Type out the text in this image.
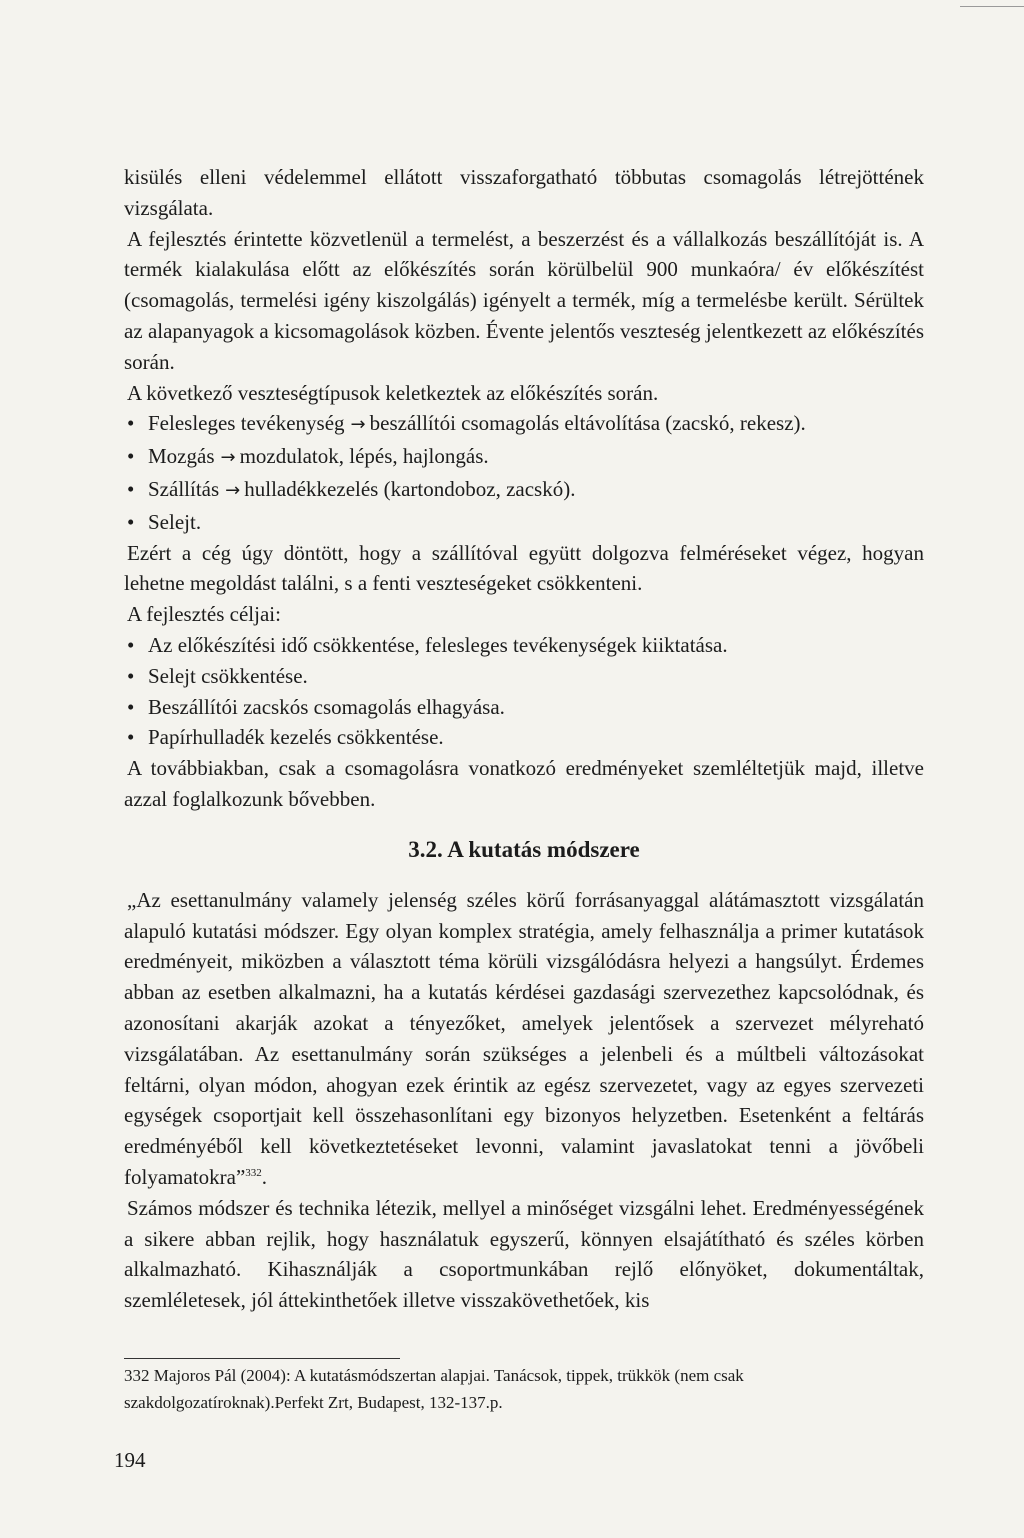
kisülés elleni védelemmel ellátott visszaforgatható többutas csomagolás létrejöttének vizsgálata.

A fejlesztés érintette közvetlenül a termelést, a beszerzést és a vállalkozás beszállítóját is. A termék kialakulása előtt az előkészítés során körülbelül 900 munkaóra/ év előkészítést (csomagolás, termelési igény kiszolgálás) igényelt a termék, míg a termelésbe került. Sérültek az alapanyagok a kicsomagolások közben. Évente jelentős veszteség jelentkezett az előkészítés során.

A következő veszteségtípusok keletkeztek az előkészítés során.

• Felesleges tevékenység → beszállítói csomagolás eltávolítása (zacskó, rekesz).
• Mozgás → mozdulatok, lépés, hajlongás.
• Szállítás → hulladékkezelés (kartondoboz, zacskó).
• Selejt.

Ezért a cég úgy döntött, hogy a szállítóval együtt dolgozva felméréseket végez, hogyan lehetne megoldást találni, s a fenti veszteségeket csökkenteni.

A fejlesztés céljai:

• Az előkészítési idő csökkentése, felesleges tevékenységek kiiktatása.
• Selejt csökkentése.
• Beszállítói zacskós csomagolás elhagyása.
• Papírhulladék kezelés csökkentése.

A továbbiakban, csak a csomagolásra vonatkozó eredményeket szemléltetjük majd, illetve azzal foglalkozunk bővebben.

3.2. A kutatás módszere

„Az esettanulmány valamely jelenség széles körű forrásanyaggal alátámasztott vizsgálatán alapuló kutatási módszer. Egy olyan komplex stratégia, amely felhasználja a primer kutatások eredményeit, miközben a választott téma körüli vizsgálódásra helyezi a hangsúlyt. Érdemes abban az esetben alkalmazni, ha a kutatás kérdései gazdasági szervezethez kapcsolódnak, és azonosítani akarják azokat a tényezőket, amelyek jelentősek a szervezet mélyreható vizsgálatában. Az esettanulmány során szükséges a jelenbeli és a múltbeli változásokat feltárni, olyan módon, ahogyan ezek érintik az egész szervezetet, vagy az egyes szervezeti egységek csoportjait kell összehasonlítani egy bizonyos helyzetben. Esetenként a feltárás eredményéből kell következtetéseket levonni, valamint javaslatokat tenni a jövőbeli folyamatokra”$^{332}$.

Számos módszer és technika létezik, mellyel a minőséget vizsgálni lehet. Eredményességének a sikere abban rejlik, hogy használatuk egyszerű, könnyen elsajátítható és széles körben alkalmazható. Kihasználják a csoportmunkában rejlő előnyöket, dokumentáltak, szemléletesek, jól áttekinthetőek illetve visszakövethetőek, kis

332 Majoros Pál (2004): A kutatásmódszertan alapjai. Tanácsok, tippek, trükkök (nem csak szakdolgozatíroknak).Perfekt Zrt, Budapest, 132-137.p.

194
